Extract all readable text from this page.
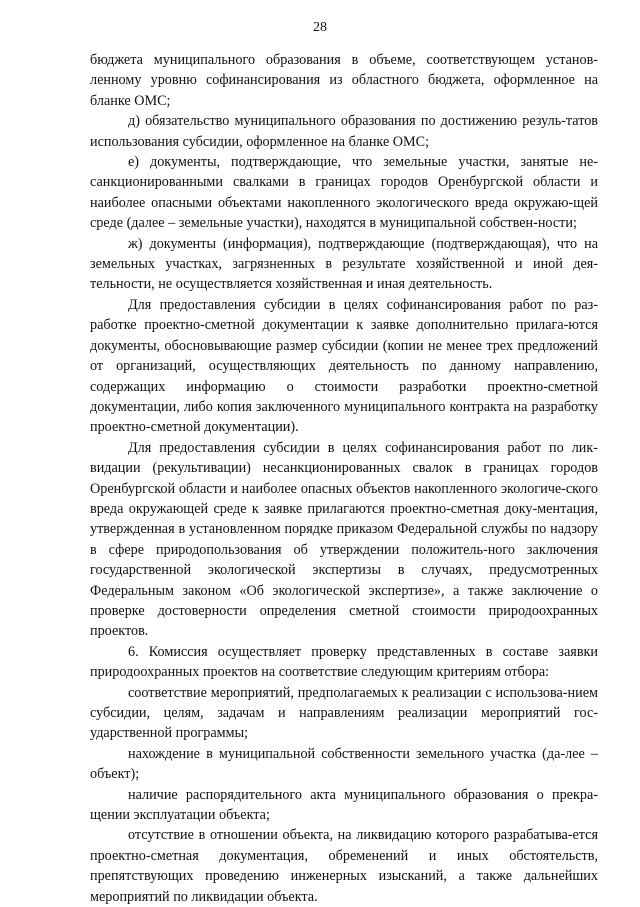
28

бюджета муниципального образования в объеме, соответствующем установ-ленному уровню софинансирования из областного бюджета, оформленное на бланке ОМС;

д) обязательство муниципального образования по достижению резуль-татов использования субсидии, оформленное на бланке ОМС;

е) документы, подтверждающие, что земельные участки, занятые не-санкционированными свалками в границах городов Оренбургской области и наиболее опасными объектами накопленного экологического вреда окружаю-щей среде (далее – земельные участки), находятся в муниципальной собствен-ности;

ж) документы (информация), подтверждающие (подтверждающая), что на земельных участках, загрязненных в результате хозяйственной и иной дея-тельности, не осуществляется хозяйственная и иная деятельность.

Для предоставления субсидии в целях софинансирования работ по раз-работке проектно-сметной документации к заявке дополнительно прилага-ются документы, обосновывающие размер субсидии (копии не менее трех предложений от организаций, осуществляющих деятельность по данному направлению, содержащих информацию о стоимости разработки проектно-сметной документации, либо копия заключенного муниципального контракта на разработку проектно-сметной документации).

Для предоставления субсидии в целях софинансирования работ по лик-видации (рекультивации) несанкционированных свалок в границах городов Оренбургской области и наиболее опасных объектов накопленного экологиче-ского вреда окружающей среде к заявке прилагаются проектно-сметная доку-ментация, утвержденная в установленном порядке приказом Федеральной службы по надзору в сфере природопользования об утверждении положитель-ного заключения государственной экологической экспертизы в случаях, предусмотренных Федеральным законом «Об экологической экспертизе», а также заключение о проверке достоверности определения сметной стоимости природоохранных проектов.

6. Комиссия осуществляет проверку представленных в составе заявки природоохранных проектов на соответствие следующим критериям отбора:

соответствие мероприятий, предполагаемых к реализации с использова-нием субсидии, целям, задачам и направлениям реализации мероприятий гос-ударственной программы;

нахождение в муниципальной собственности земельного участка (да-лее – объект);

наличие распорядительного акта муниципального образования о прекра-щении эксплуатации объекта;

отсутствие в отношении объекта, на ликвидацию которого разрабатыва-ется проектно-сметная документация, обременений и иных обстоятельств, препятствующих проведению инженерных изысканий, а также дальнейших мероприятий по ликвидации объекта.
